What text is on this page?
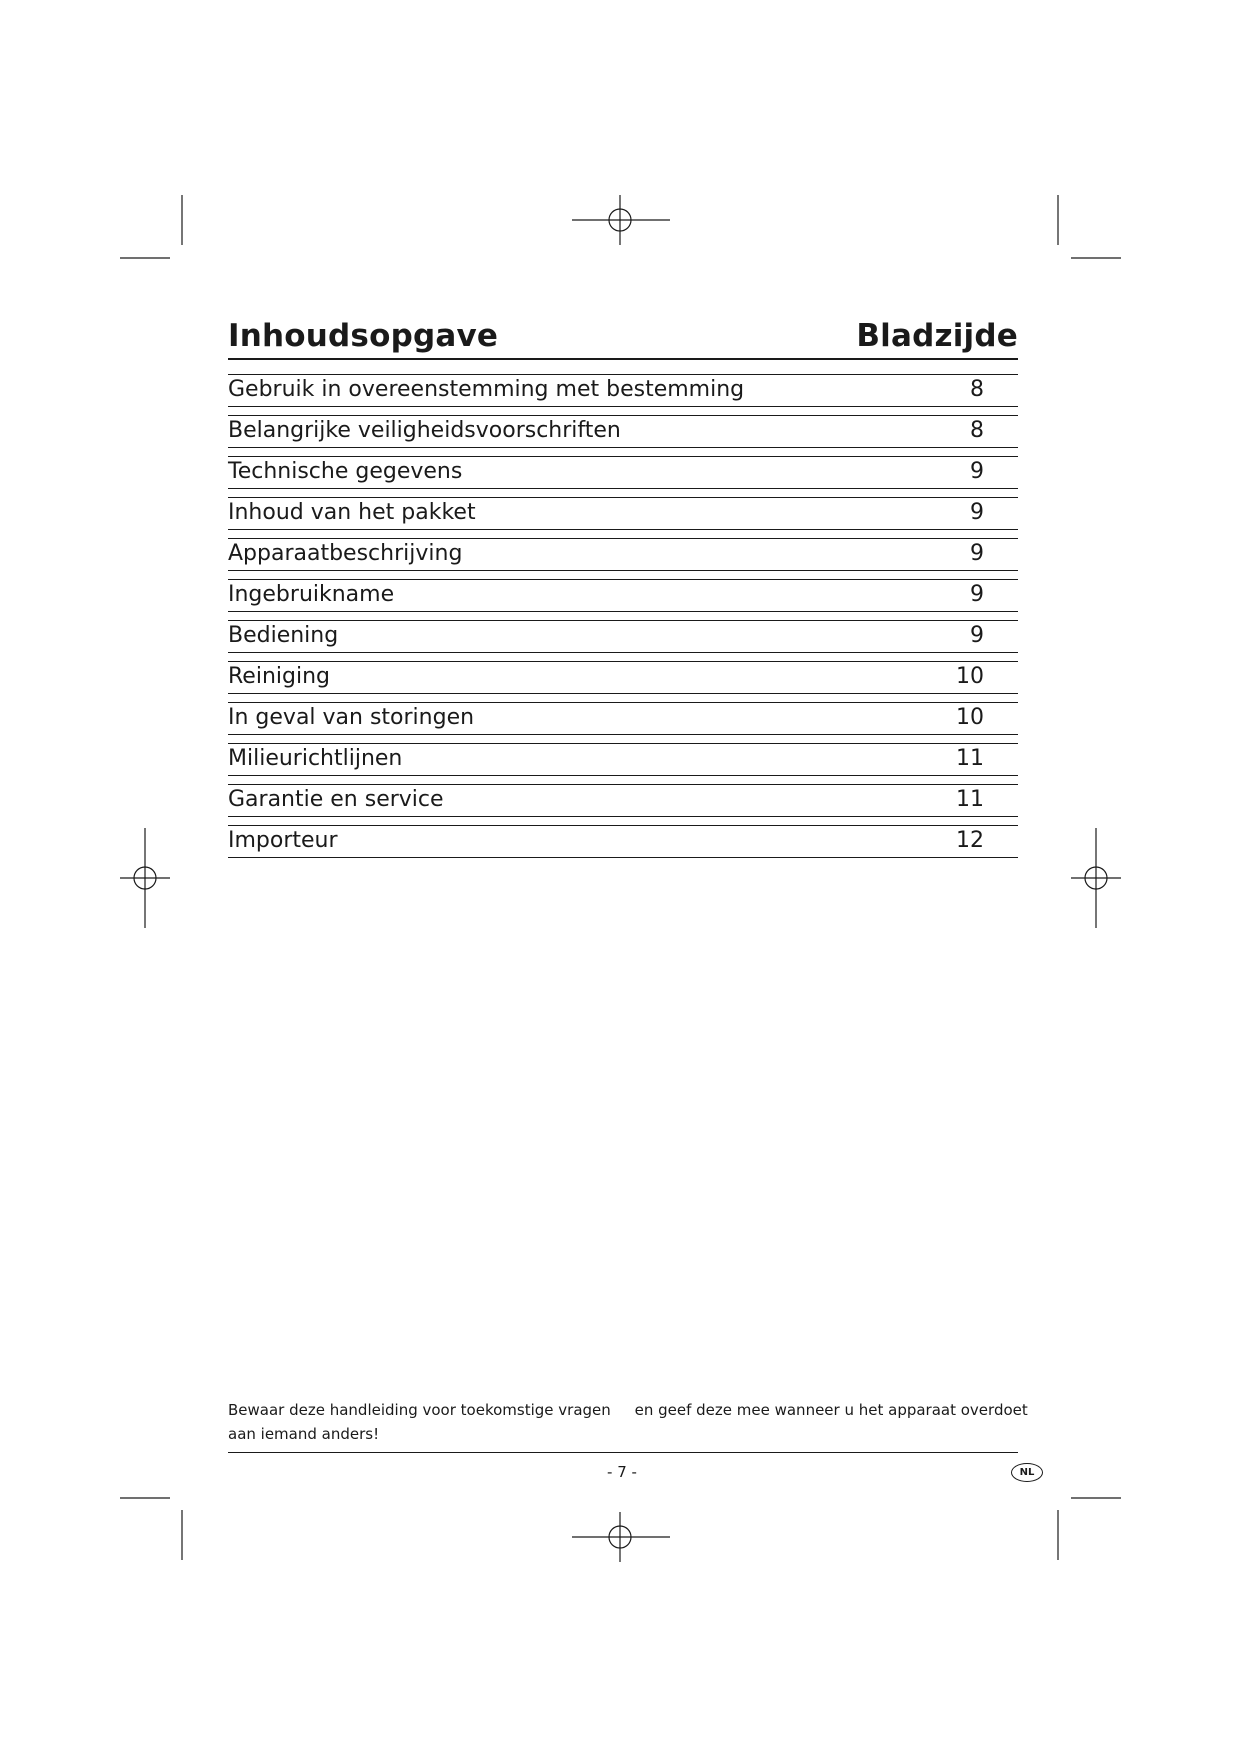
Inhoudsopgave	Bladzijde
Gebruik in overeenstemming met bestemming	8
Belangrijke veiligheidsvoorschriften	8
Technische gegevens	9
Inhoud van het pakket	9
Apparaatbeschrijving	9
Ingebruikname	9
Bediening	9
Reiniging	10
In geval van storingen	10
Milieurichtlijnen	11
Garantie en service	11
Importeur	12
Bewaar deze handleiding voor toekomstige vragen     en geef deze mee wanneer u het apparaat overdoet
aan iemand anders!
- 7 -	NL
